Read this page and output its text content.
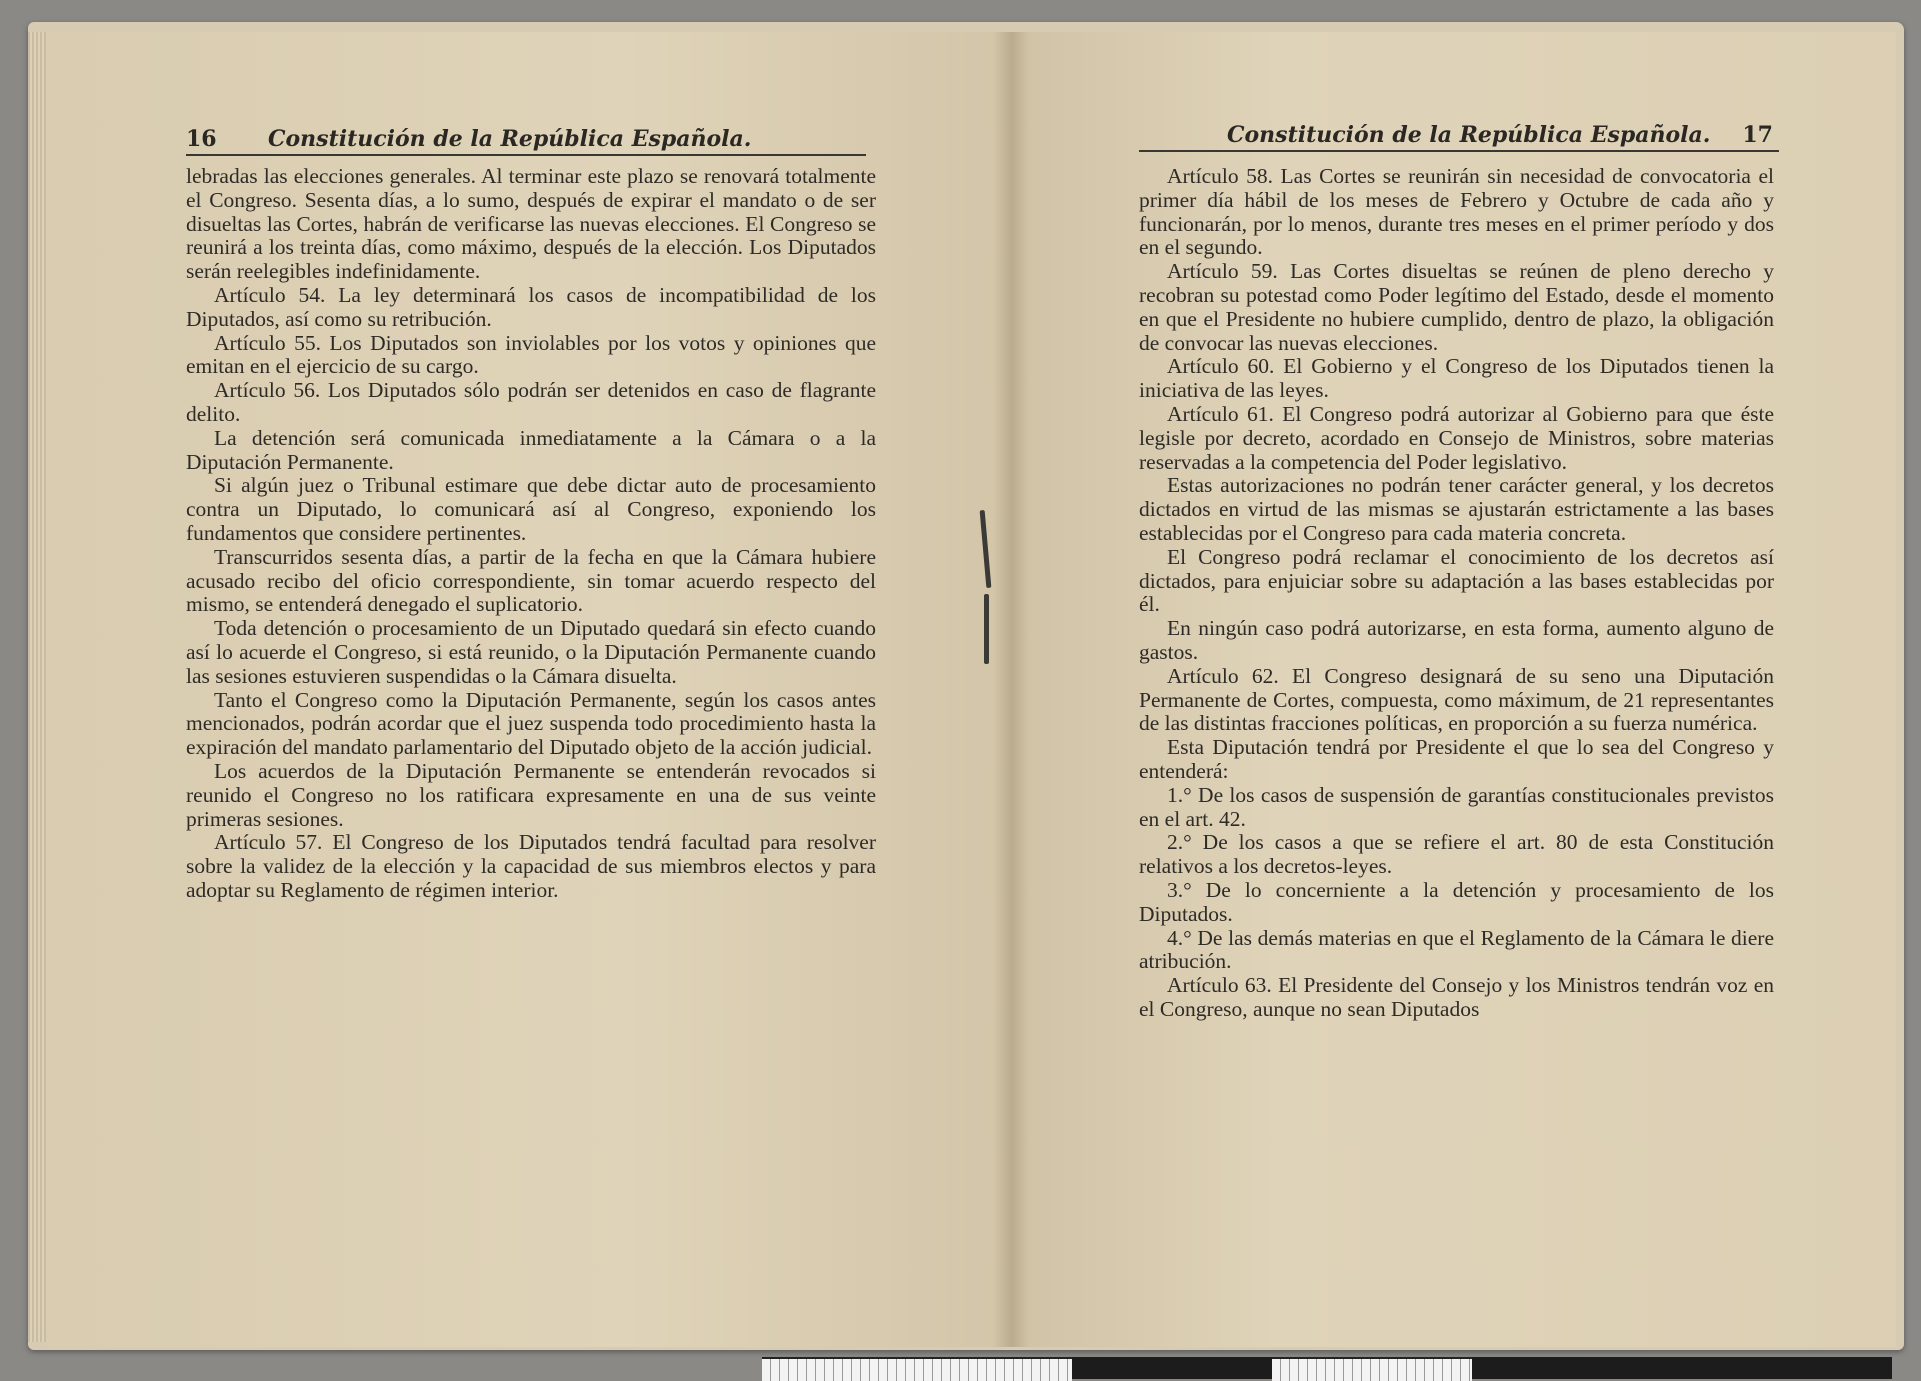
16 Constitución de la República Española.

lebradas las elecciones generales. Al terminar este plazo se renovará totalmente el Congreso. Sesenta días, a lo sumo, después de expirar el mandato o de ser disueltas las Cortes, habrán de verificarse las nuevas elecciones. El Congreso se reunirá a los treinta días, como máximo, después de la elección. Los Diputados serán reelegibles indefinidamente.

Artículo 54. La ley determinará los casos de incompatibilidad de los Diputados, así como su retribución.

Artículo 55. Los Diputados son inviolables por los votos y opiniones que emitan en el ejercicio de su cargo.

Artículo 56. Los Diputados sólo podrán ser detenidos en caso de flagrante delito.

La detención será comunicada inmediatamente a la Cámara o a la Diputación Permanente.

Si algún juez o Tribunal estimare que debe dictar auto de procesamiento contra un Diputado, lo comunicará así al Congreso, exponiendo los fundamentos que considere pertinentes.

Transcurridos sesenta días, a partir de la fecha en que la Cámara hubiere acusado recibo del oficio correspondiente, sin tomar acuerdo respecto del mismo, se entenderá denegado el suplicatorio.

Toda detención o procesamiento de un Diputado quedará sin efecto cuando así lo acuerde el Congreso, si está reunido, o la Diputación Permanente cuando las sesiones estuvieren suspendidas o la Cámara disuelta.

Tanto el Congreso como la Diputación Permanente, según los casos antes mencionados, podrán acordar que el juez suspenda todo procedimiento hasta la expiración del mandato parlamentario del Diputado objeto de la acción judicial.

Los acuerdos de la Diputación Permanente se entenderán revocados si reunido el Congreso no los ratificara expresamente en una de sus veinte primeras sesiones.

Artículo 57. El Congreso de los Diputados tendrá facultad para resolver sobre la validez de la elección y la capacidad de sus miembros electos y para adoptar su Reglamento de régimen interior.

Constitución de la República Española. 17

Artículo 58. Las Cortes se reunirán sin necesidad de convocatoria el primer día hábil de los meses de Febrero y Octubre de cada año y funcionarán, por lo menos, durante tres meses en el primer período y dos en el segundo.

Artículo 59. Las Cortes disueltas se reúnen de pleno derecho y recobran su potestad como Poder legítimo del Estado, desde el momento en que el Presidente no hubiere cumplido, dentro de plazo, la obligación de convocar las nuevas elecciones.

Artículo 60. El Gobierno y el Congreso de los Diputados tienen la iniciativa de las leyes.

Artículo 61. El Congreso podrá autorizar al Gobierno para que éste legisle por decreto, acordado en Consejo de Ministros, sobre materias reservadas a la competencia del Poder legislativo.

Estas autorizaciones no podrán tener carácter general, y los decretos dictados en virtud de las mismas se ajustarán estrictamente a las bases establecidas por el Congreso para cada materia concreta.

El Congreso podrá reclamar el conocimiento de los decretos así dictados, para enjuiciar sobre su adaptación a las bases establecidas por él.

En ningún caso podrá autorizarse, en esta forma, aumento alguno de gastos.

Artículo 62. El Congreso designará de su seno una Diputación Permanente de Cortes, compuesta, como máximum, de 21 representantes de las distintas fracciones políticas, en proporción a su fuerza numérica.

Esta Diputación tendrá por Presidente el que lo sea del Congreso y entenderá:

1.° De los casos de suspensión de garantías constitucionales previstos en el art. 42.

2.° De los casos a que se refiere el art. 80 de esta Constitución relativos a los decretos-leyes.

3.° De lo concerniente a la detención y procesamiento de los Diputados.

4.° De las demás materias en que el Reglamento de la Cámara le diere atribución.

Artículo 63. El Presidente del Consejo y los Ministros tendrán voz en el Congreso, aunque no sean Diputados
